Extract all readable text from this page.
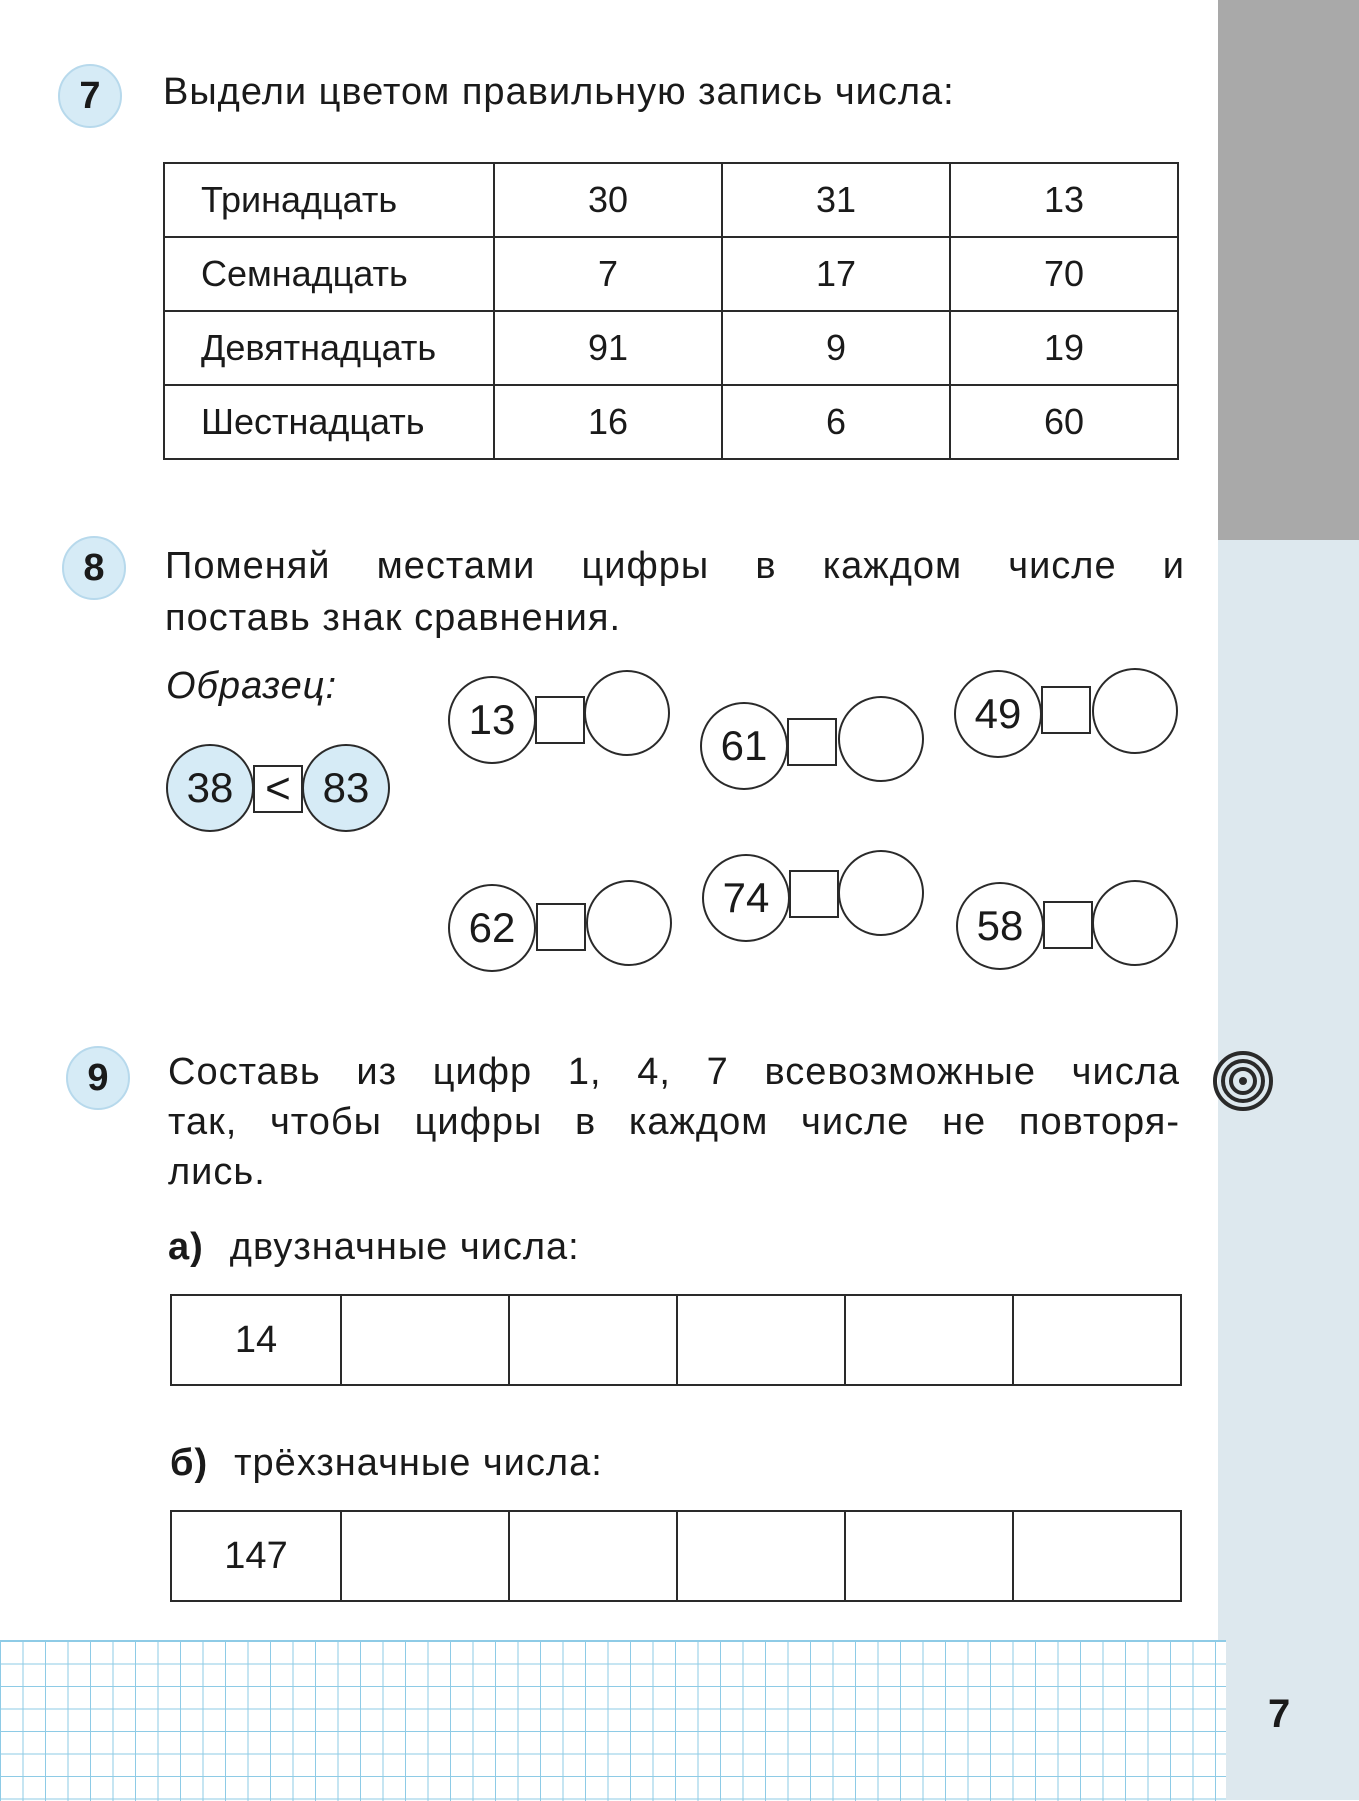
7	Выдели цветом правильную запись числа:
Тринадцать	30	31	13
Семнадцать	7	17	70
Девятнадцать	91	9	19
Шестнадцать	16	6	60
8	Поменяй местами цифры в каждом числе и
поставь знак сравнения.
Образец:
38 < 83
13
61
49
62
74
58
9	Составь из цифр 1, 4, 7 всевозможные числа
так, чтобы цифры в каждом числе не повторя-
лись.
а) двузначные числа:
14
б) трёхзначные числа:
147
7
